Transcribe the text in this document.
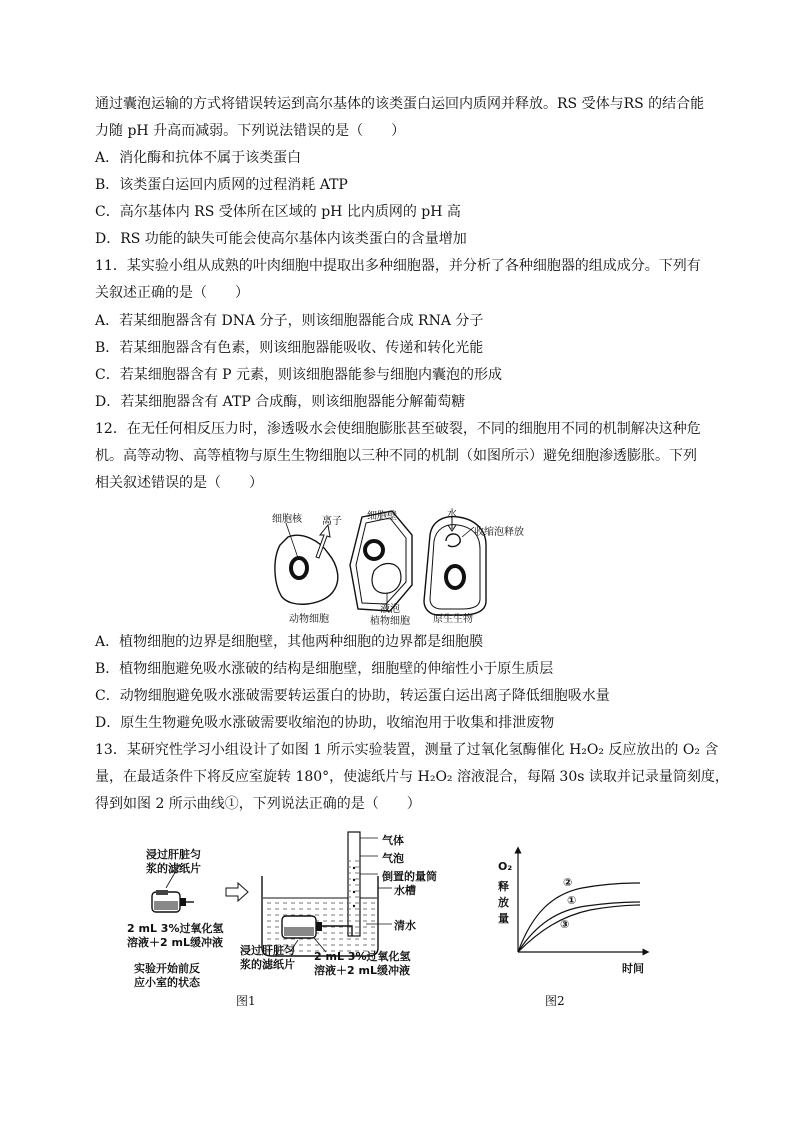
通过囊泡运输的方式将错误转运到高尔基体的该类蛋白运回内质网并释放。RS 受体与RS 的结合能
力随 pH 升高而减弱。下列说法错误的是（　　）
A．消化酶和抗体不属于该类蛋白
B．该类蛋白运回内质网的过程消耗 ATP
C．高尔基体内 RS 受体所在区域的 pH 比内质网的 pH 高
D．RS 功能的缺失可能会使高尔基体内该类蛋白的含量增加
11．某实验小组从成熟的叶肉细胞中提取出多种细胞器，并分析了各种细胞器的组成成分。下列有
关叙述正确的是（　　）
A．若某细胞器含有 DNA 分子，则该细胞器能合成 RNA 分子
B．若某细胞器含有色素，则该细胞器能吸收、传递和转化光能
C．若某细胞器含有 P 元素，则该细胞器能参与细胞内囊泡的形成
D．若某细胞器含有 ATP 合成酶，则该细胞器能分解葡萄糖
12．在无任何相反压力时，渗透吸水会使细胞膨胀甚至破裂，不同的细胞用不同的机制解决这种危
机。高等动物、高等植物与原生生物细胞以三种不同的机制（如图所示）避免细胞渗透膨胀。下列
相关叙述错误的是（　　）
细胞核 离子	细胞壁	水
收缩泡释放
动物细胞
液泡
植物细胞 原生生物
A．植物细胞的边界是细胞壁，其他两种细胞的边界都是细胞膜
B．植物细胞避免吸水涨破的结构是细胞壁，细胞壁的伸缩性小于原生质层
C．动物细胞避免吸水涨破需要转运蛋白的协助，转运蛋白运出离子降低细胞吸水量
D．原生生物避免吸水涨破需要收缩泡的协助，收缩泡用于收集和排泄废物
13．某研究性学习小组设计了如图 1 所示实验装置，测量了过氧化氢酶催化 H₂O₂ 反应放出的 O₂ 含
量，在最适条件下将反应室旋转 180°，使滤纸片与 H₂O₂ 溶液混合，每隔 30s 读取并记录量筒刻度，
得到如图 2 所示曲线①，下列说法正确的是（　　）
浸过肝脏匀
浆的滤纸片
2 mL 3%过氧化氢
溶液＋2 mL缓冲液
实验开始前反
应小室的状态
气体
气泡
倒置的量筒
水槽
清水
浸过肝脏匀
浆的滤纸片
2 mL 3%过氧化氢
溶液＋2 mL缓冲液
图1
O₂
释
放
量
②
①
③
时间
图2
